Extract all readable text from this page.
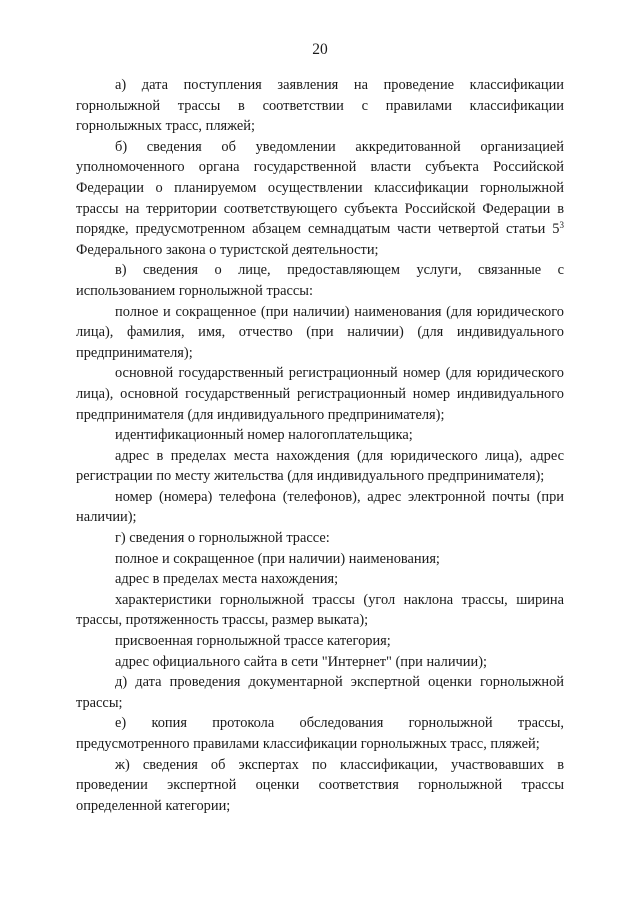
20

а) дата поступления заявления на проведение классификации горнолыжной трассы в соответствии с правилами классификации горнолыжных трасс, пляжей;

б) сведения об уведомлении аккредитованной организацией уполномоченного органа государственной власти субъекта Российской Федерации о планируемом осуществлении классификации горнолыжной трассы на территории соответствующего субъекта Российской Федерации в порядке, предусмотренном абзацем семнадцатым части четвертой статьи $5^3$ Федерального закона о туристской деятельности;

в) сведения о лице, предоставляющем услуги, связанные с использованием горнолыжной трассы:

полное и сокращенное (при наличии) наименования (для юридического лица), фамилия, имя, отчество (при наличии) (для индивидуального предпринимателя);

основной государственный регистрационный номер (для юридического лица), основной государственный регистрационный номер индивидуального предпринимателя (для индивидуального предпринимателя);

идентификационный номер налогоплательщика;

адрес в пределах места нахождения (для юридического лица), адрес регистрации по месту жительства (для индивидуального предпринимателя);

номер (номера) телефона (телефонов), адрес электронной почты (при наличии);

г) сведения о горнолыжной трассе:

полное и сокращенное (при наличии) наименования;

адрес в пределах места нахождения;

характеристики горнолыжной трассы (угол наклона трассы, ширина трассы, протяженность трассы, размер выката);

присвоенная горнолыжной трассе категория;

адрес официального сайта в сети "Интернет" (при наличии);

д) дата проведения документарной экспертной оценки горнолыжной трассы;

е) копия протокола обследования горнолыжной трассы, предусмотренного правилами классификации горнолыжных трасс, пляжей;

ж) сведения об экспертах по классификации, участвовавших в проведении экспертной оценки соответствия горнолыжной трассы определенной категории;
